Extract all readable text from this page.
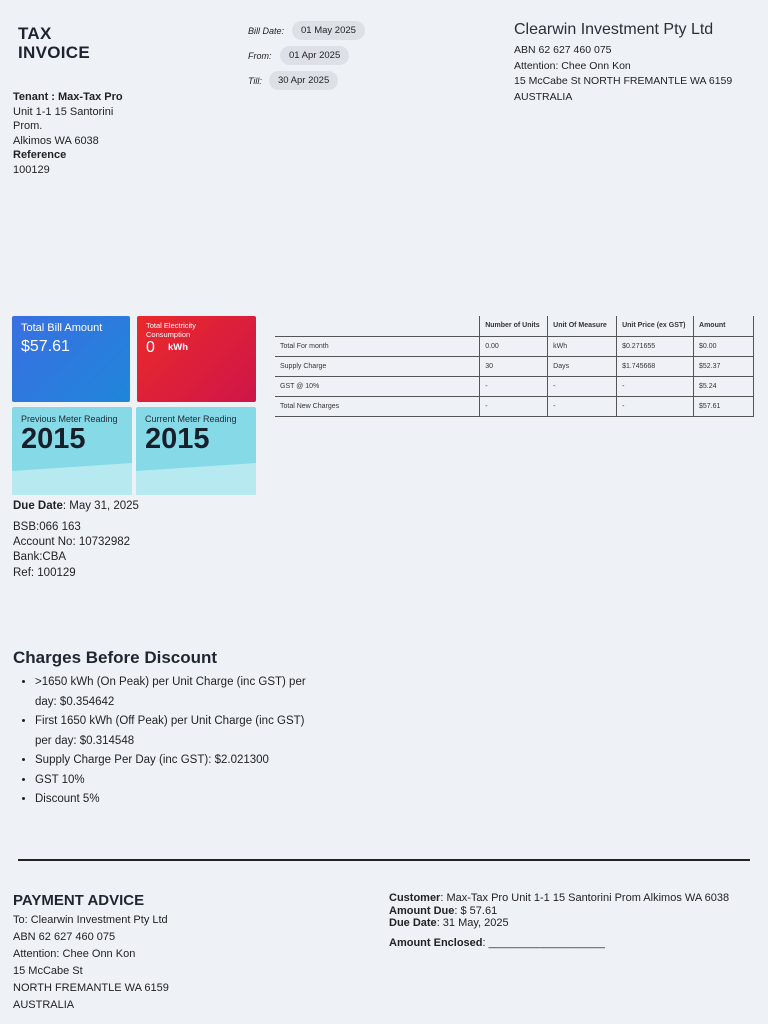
TAX
INVOICE
Bill Date:	01 May 2025
From:	01 Apr 2025
Till:	30 Apr 2025
Clearwin Investment Pty Ltd
ABN 62 627 460 075
Attention: Chee Onn Kon
15 McCabe St NORTH FREMANTLE WA 6159
AUSTRALIA
Tenant : Max-Tax Pro
Unit 1-1 15 Santorini
Prom.
Alkimos WA 6038
Reference
100129
Total Bill Amount
$57.61
Total Electricity Consumption
0 kWh
Previous Meter Reading
2015
Current Meter Reading
2015
	Number of Units	Unit Of Measure	Unit Price (ex GST)	Amount
Total For month	0.00	kWh	$0.271655	$0.00
Supply Charge	30	Days	$1.745668	$52.37
GST @ 10%	-	-	-	$5.24
Total New Charges	-	-	-	$57.61
Due Date: May 31, 2025
BSB:066 163
Account No: 10732982
Bank:CBA
Ref: 100129
Charges Before Discount
• >1650 kWh (On Peak) per Unit Charge (inc GST) per day: $0.354642
• First 1650 kWh (Off Peak) per Unit Charge (inc GST) per day: $0.314548
• Supply Charge Per Day (inc GST): $2.021300
• GST 10%
• Discount 5%
PAYMENT ADVICE
To: Clearwin Investment Pty Ltd
ABN 62 627 460 075
Attention: Chee Onn Kon
15 McCabe St
NORTH FREMANTLE WA 6159
AUSTRALIA
Customer: Max-Tax Pro Unit 1-1 15 Santorini Prom Alkimos WA 6038
Amount Due: $ 57.61
Due Date: 31 May, 2025
Amount Enclosed: ___________________
